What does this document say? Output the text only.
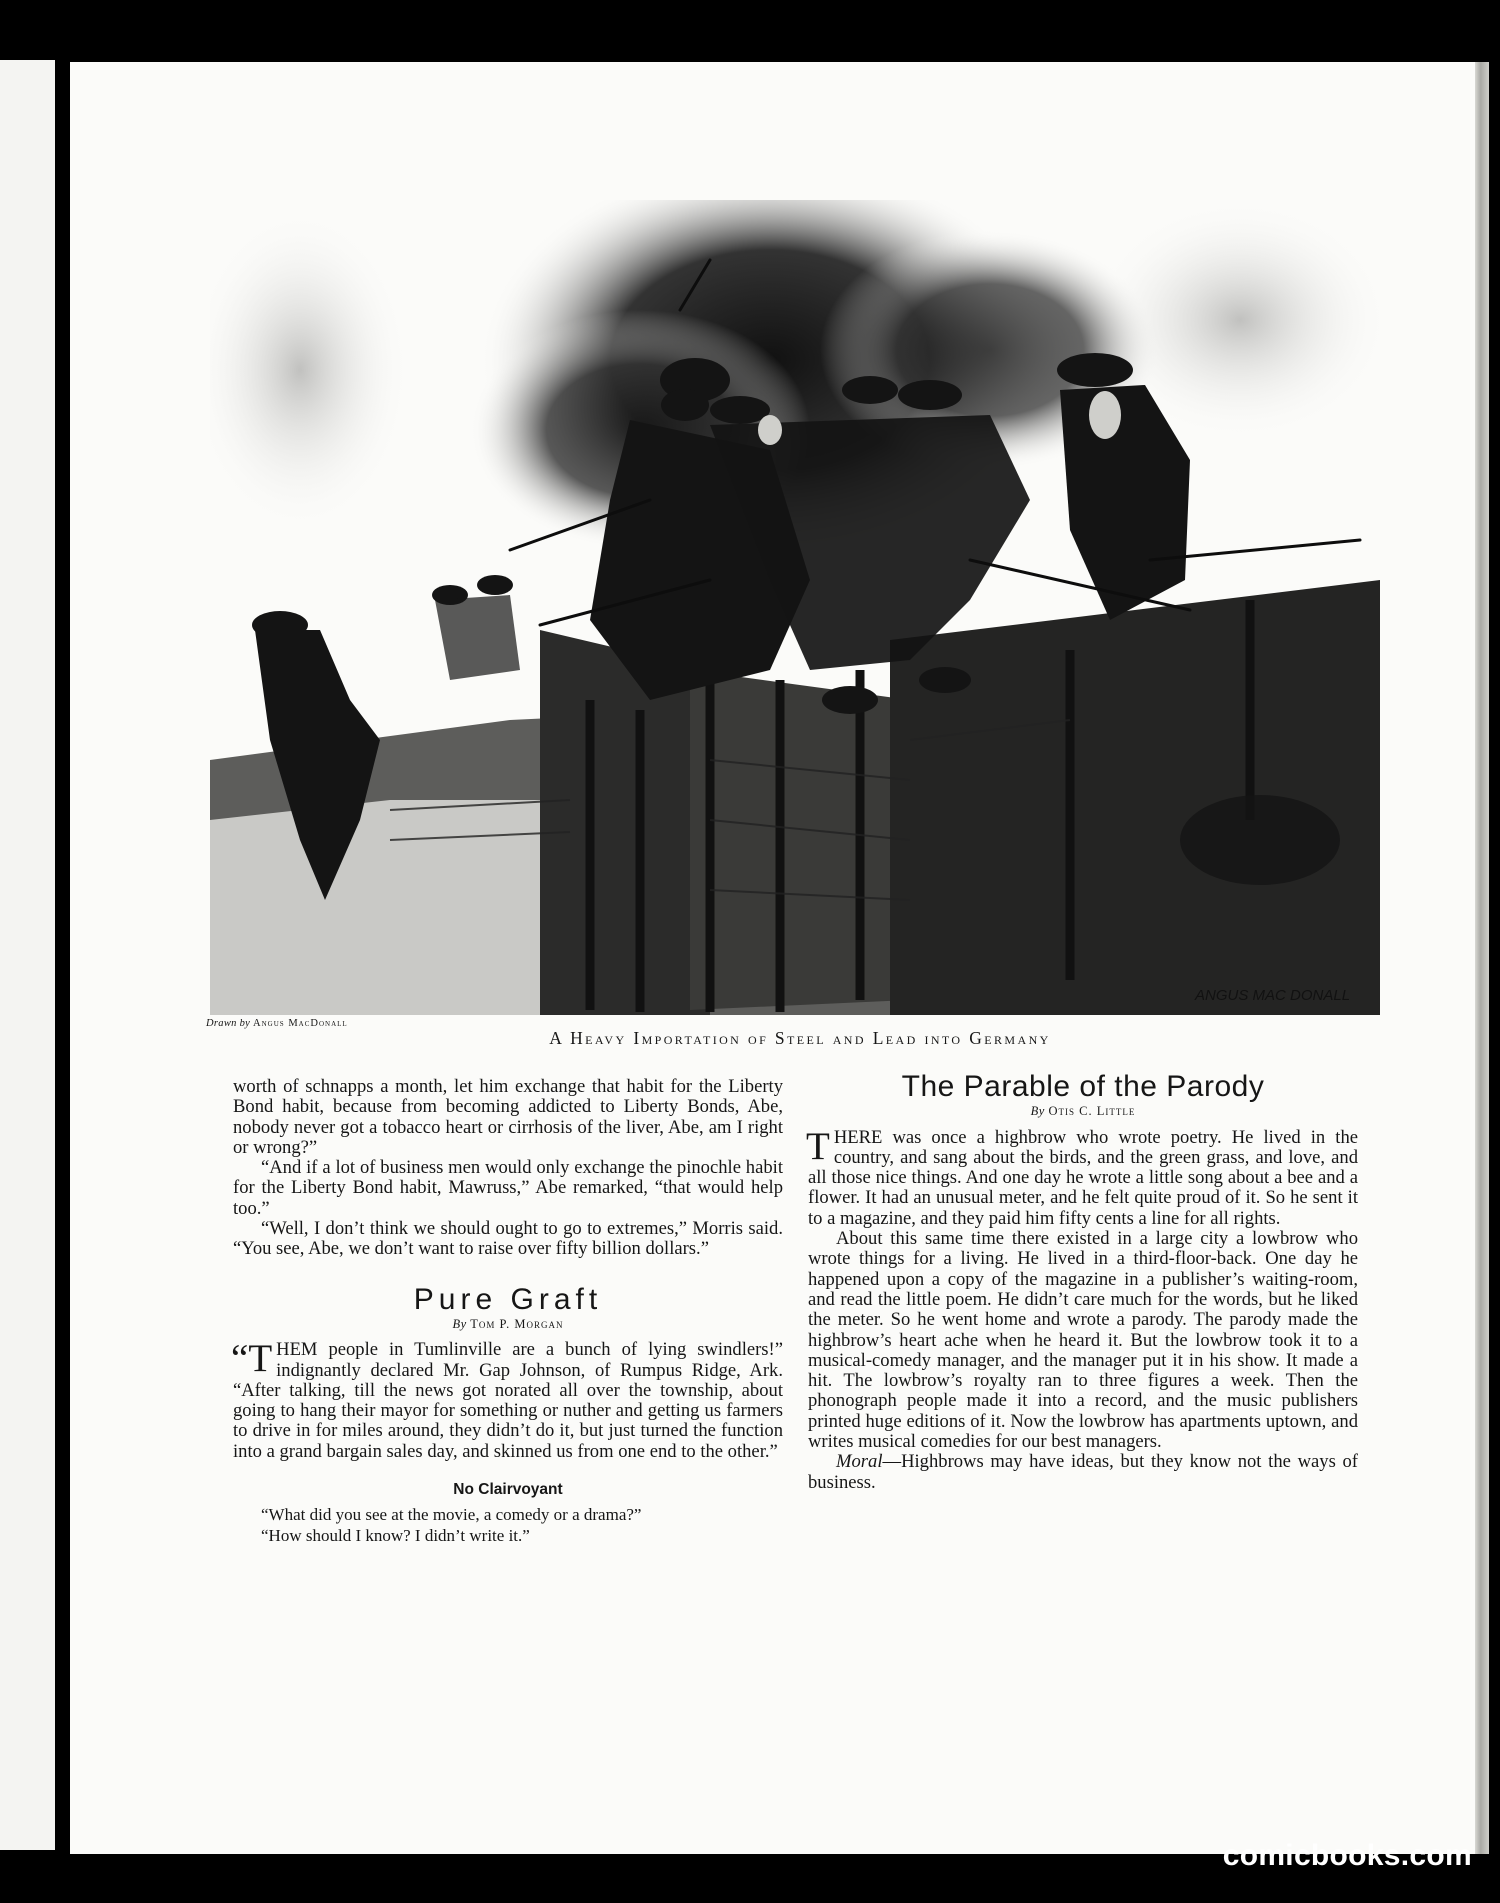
ANGUS MAC DONALL
Drawn by Angus MacDonall
A Heavy Importation of Steel and Lead into Germany

worth of schnapps a month, let him exchange that habit for the Liberty Bond habit, because from becoming addicted to Liberty Bonds, Abe, nobody never got a tobacco heart or cirrhosis of the liver, Abe, am I right or wrong?”

“And if a lot of business men would only exchange the pinochle habit for the Liberty Bond habit, Mawruss,” Abe remarked, “that would help too.”

“Well, I don’t think we should ought to go to extremes,” Morris said. “You see, Abe, we don’t want to raise over fifty billion dollars.”

Pure Graft
By Tom P. Morgan

“T HEM people in Tumlinville are a bunch of lying swindlers!” indignantly declared Mr. Gap Johnson, of Rumpus Ridge, Ark. “After talking, till the news got norated all over the township, about going to hang their mayor for something or nuther and getting us farmers to drive in for miles around, they didn’t do it, but just turned the function into a grand bargain sales day, and skinned us from one end to the other.”

No Clairvoyant

“What did you see at the movie, a comedy or a drama?”

“How should I know? I didn’t write it.”

The Parable of the Parody
By Otis C. Little

THERE was once a highbrow who wrote poetry. He lived in the country, and sang about the birds, and the green grass, and love, and all those nice things. And one day he wrote a little song about a bee and a flower. It had an unusual meter, and he felt quite proud of it. So he sent it to a magazine, and they paid him fifty cents a line for all rights.

About this same time there existed in a large city a lowbrow who wrote things for a living. He lived in a third-floor-back. One day he happened upon a copy of the magazine in a publisher’s waiting-room, and read the little poem. He didn’t care much for the words, but he liked the meter. So he went home and wrote a parody. The parody made the highbrow’s heart ache when he heard it. But the lowbrow took it to a musical-comedy manager, and the manager put it in his show. It made a hit. The lowbrow’s royalty ran to three figures a week. Then the phonograph people made it into a record, and the music publishers printed huge editions of it. Now the lowbrow has apartments uptown, and writes musical comedies for our best managers.

Moral—Highbrows may have ideas, but they know not the ways of business.

comicbooks.com
